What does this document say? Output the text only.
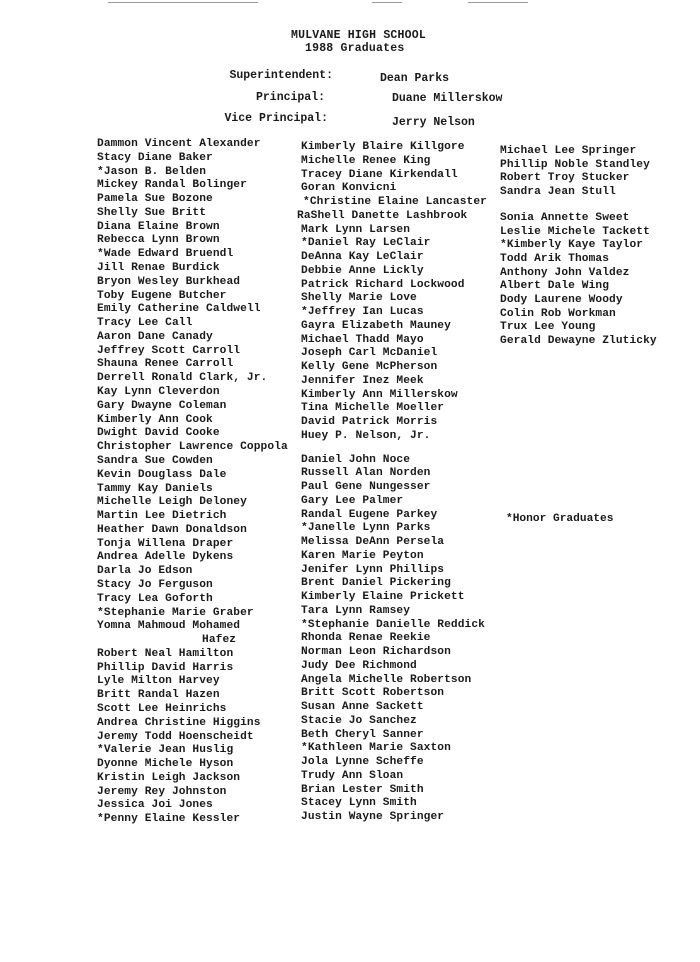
MULVANE HIGH SCHOOL
1988 Graduates
Superintendent:	Dean Parks
Principal:	Duane Millerskow
Vice Principal:	Jerry Nelson
Dammon Vincent Alexander
Stacy Diane Baker
*Jason B. Belden
Mickey Randal Bolinger
Pamela Sue Bozone
Shelly Sue Britt
Diana Elaine Brown
Rebecca Lynn Brown
*Wade Edward Bruendl
Jill Renae Burdick
Bryon Wesley Burkhead
Toby Eugene Butcher
Emily Catherine Caldwell
Tracy Lee Call
Aaron Dane Canady
Jeffrey Scott Carroll
Shauna Renee Carroll
Derrell Ronald Clark, Jr.
Kay Lynn Cleverdon
Gary Dwayne Coleman
Kimberly Ann Cook
Dwight David Cooke
Christopher Lawrence Coppola
Sandra Sue Cowden
Kevin Douglass Dale
Tammy Kay Daniels
Michelle Leigh Deloney
Martin Lee Dietrich
Heather Dawn Donaldson
Tonja Willena Draper
Andrea Adelle Dykens
Darla Jo Edson
Stacy Jo Ferguson
Tracy Lea Goforth
*Stephanie Marie Graber
Yomna Mahmoud Mohamed
Hafez
Robert Neal Hamilton
Phillip David Harris
Lyle Milton Harvey
Britt Randal Hazen
Scott Lee Heinrichs
Andrea Christine Higgins
Jeremy Todd Hoenscheidt
*Valerie Jean Huslig
Dyonne Michele Hyson
Kristin Leigh Jackson
Jeremy Rey Johnston
Jessica Joi Jones
*Penny Elaine Kessler
Kimberly Blaire Killgore
Michelle Renee King
Tracey Diane Kirkendall
Goran Konvicni
*Christine Elaine Lancaster
RaShell Danette Lashbrook
Mark Lynn Larsen
*Daniel Ray LeClair
DeAnna Kay LeClair
Debbie Anne Lickly
Patrick Richard Lockwood
Shelly Marie Love
*Jeffrey Ian Lucas
Gayra Elizabeth Mauney
Michael Thadd Mayo
Joseph Carl McDaniel
Kelly Gene McPherson
Jennifer Inez Meek
Kimberly Ann Millerskow
Tina Michelle Moeller
David Patrick Morris
Huey P. Nelson, Jr.
Daniel John Noce
Russell Alan Norden
Paul Gene Nungesser
Gary Lee Palmer
Randal Eugene Parkey
*Janelle Lynn Parks
Melissa DeAnn Persela
Karen Marie Peyton
Jenifer Lynn Phillips
Brent Daniel Pickering
Kimberly Elaine Prickett
Tara Lynn Ramsey
*Stephanie Danielle Reddick
Rhonda Renae Reekie
Norman Leon Richardson
Judy Dee Richmond
Angela Michelle Robertson
Britt Scott Robertson
Susan Anne Sackett
Stacie Jo Sanchez
Beth Cheryl Sanner
*Kathleen Marie Saxton
Jola Lynne Scheffe
Trudy Ann Sloan
Brian Lester Smith
Stacey Lynn Smith
Justin Wayne Springer
Michael Lee Springer
Phillip Noble Standley
Robert Troy Stucker
Sandra Jean Stull
Sonia Annette Sweet
Leslie Michele Tackett
*Kimberly Kaye Taylor
Todd Arik Thomas
Anthony John Valdez
Albert Dale Wing
Dody Laurene Woody
Colin Rob Workman
Trux Lee Young
Gerald Dewayne Zluticky
*Honor Graduates
